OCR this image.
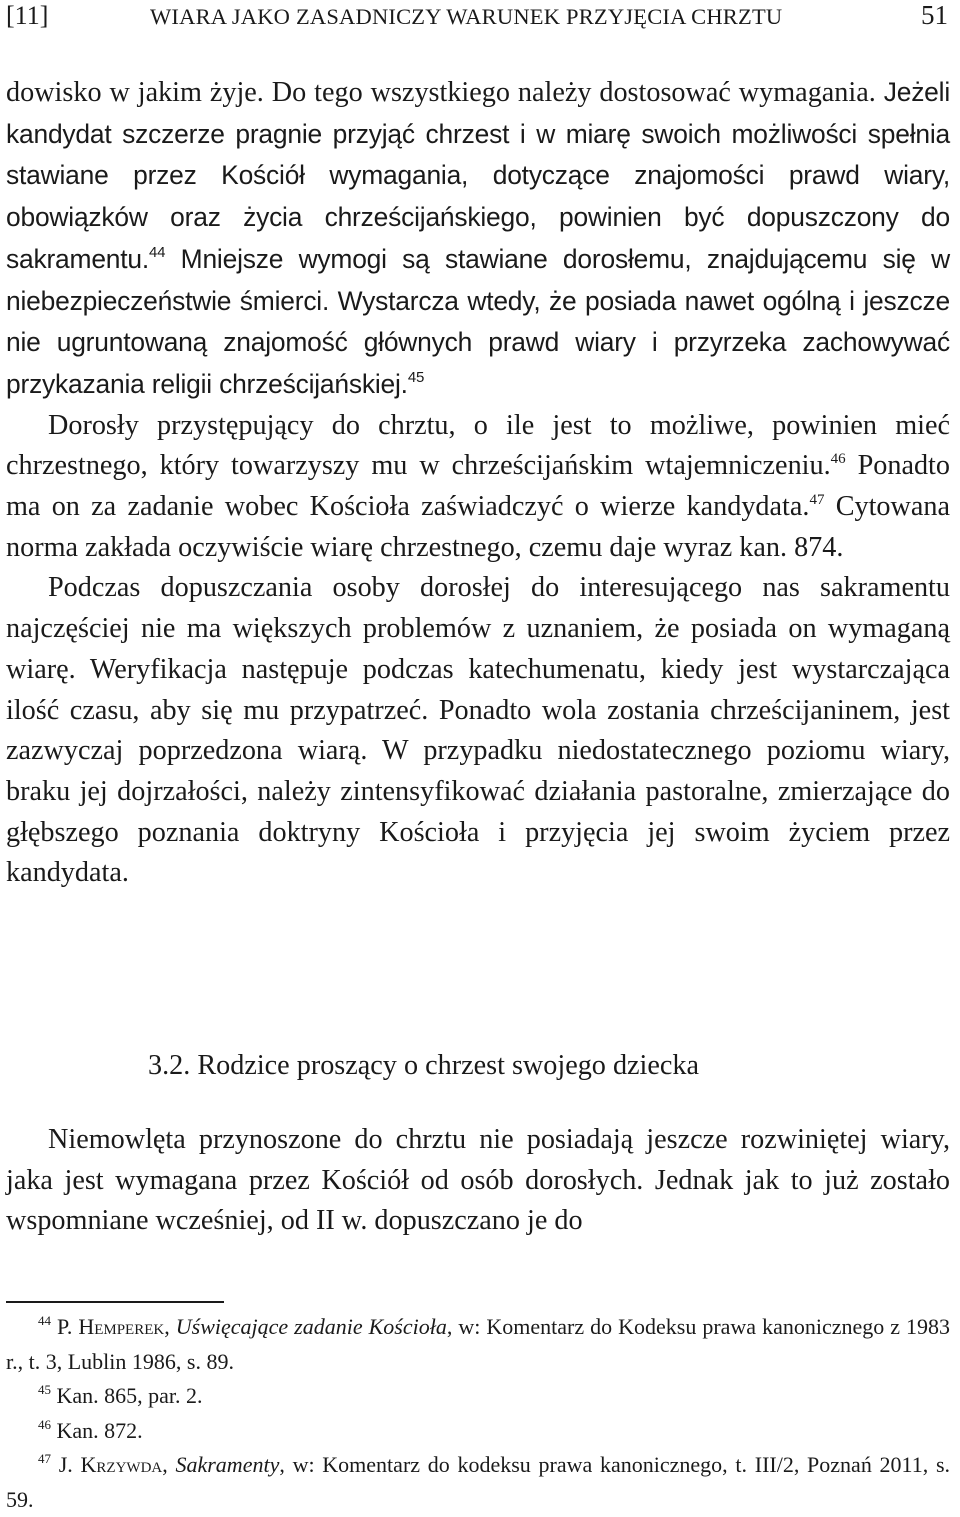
[11]	WIARA JAKO ZASADNICZY WARUNEK PRZYJĘCIA CHRZTU	51

dowisko w jakim żyje. Do tego wszystkiego należy dostosować wymagania. Jeżeli kandydat szczerze pragnie przyjąć chrzest i w miarę swoich możliwości spełnia stawiane przez Kościół wymagania, dotyczące znajomości prawd wiary, obowiązków oraz życia chrześcijańskiego, powinien być dopuszczony do sakramentu.$^{44}$ Mniejsze wymogi są stawiane dorosłemu, znajdującemu się w niebezpieczeństwie śmierci. Wystarcza wtedy, że posiada nawet ogólną i jeszcze nie ugruntowaną znajomość głównych prawd wiary i przyrzeka zachowywać przykazania religii chrześcijańskiej.$^{45}$

Dorosły przystępujący do chrztu, o ile jest to możliwe, powinien mieć chrzestnego, który towarzyszy mu w chrześcijańskim wtajemniczeniu.$^{46}$ Ponadto ma on za zadanie wobec Kościoła zaświadczyć o wierze kandydata.$^{47}$ Cytowana norma zakłada oczywiście wiarę chrzestnego, czemu daje wyraz kan. 874.

Podczas dopuszczania osoby dorosłej do interesującego nas sakramentu najczęściej nie ma większych problemów z uznaniem, że posiada on wymaganą wiarę. Weryfikacja następuje podczas katechumenatu, kiedy jest wystarczająca ilość czasu, aby się mu przypatrzeć. Ponadto wola zostania chrześcijaninem, jest zazwyczaj poprzedzona wiarą. W przypadku niedostatecznego poziomu wiary, braku jej dojrzałości, należy zintensyfikować działania pastoralne, zmierzające do głębszego poznania doktryny Kościoła i przyjęcia jej swoim życiem przez kandydata.

3.2. Rodzice proszący o chrzest swojego dziecka

Niemowlęta przynoszone do chrztu nie posiadają jeszcze rozwiniętej wiary, jaka jest wymagana przez Kościół od osób dorosłych. Jednak jak to już zostało wspomniane wcześniej, od II w. dopuszczano je do

$^{44}$ P. Hemperek, Uświęcające zadanie Kościoła, w: Komentarz do Kodeksu prawa kanonicznego z 1983 r., t. 3, Lublin 1986, s. 89.

$^{45}$ Kan. 865, par. 2.

$^{46}$ Kan. 872.

$^{47}$ J. Krzywda, Sakramenty, w: Komentarz do kodeksu prawa kanonicznego, t. III/2, Poznań 2011, s. 59.
